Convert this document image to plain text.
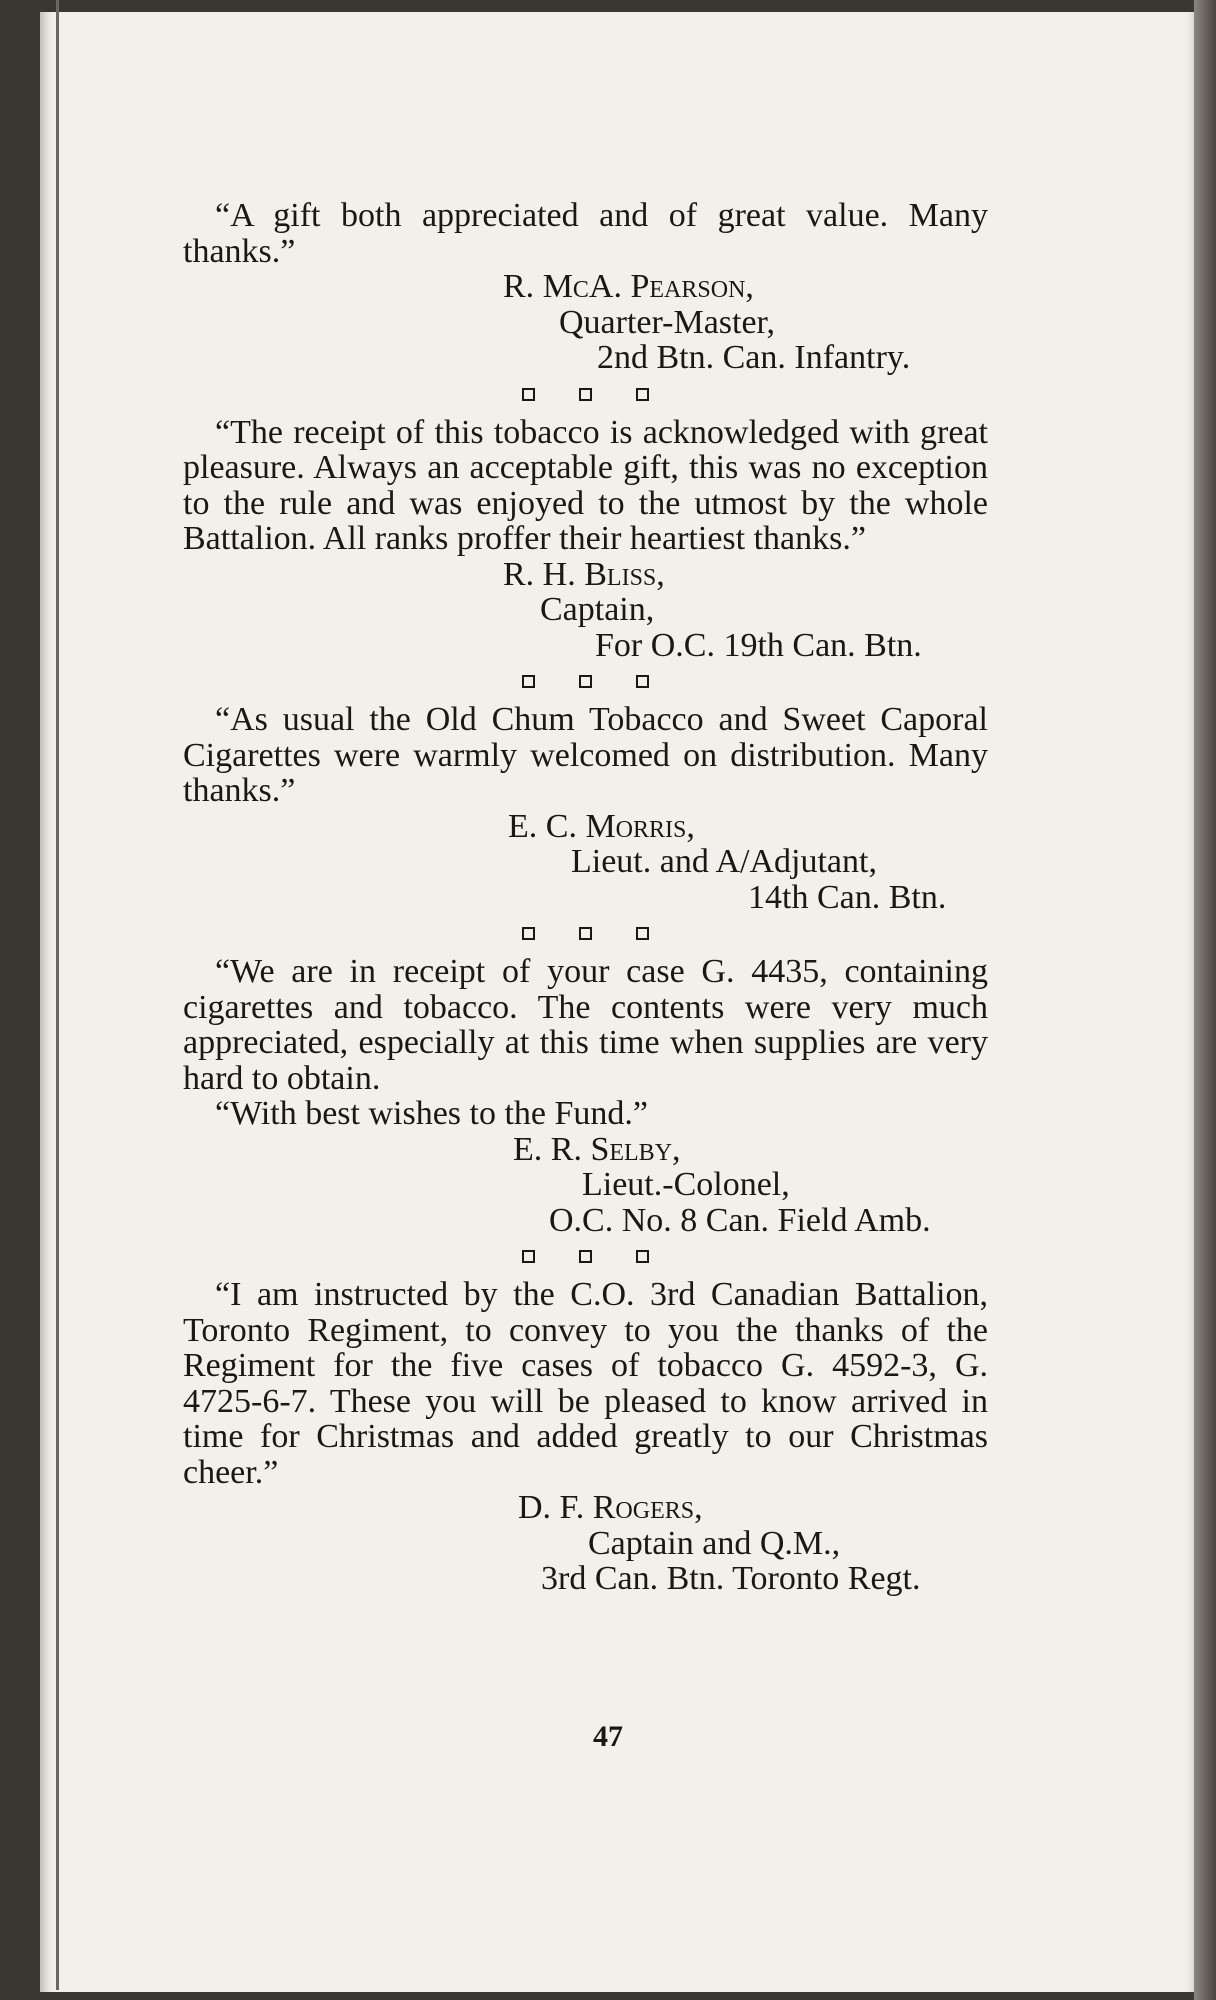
“A gift both appreciated and of great value. Many thanks.”

R. McA. Pearson,
Quarter-Master,
2nd Btn. Can. Infantry.

“The receipt of this tobacco is acknowledged with great pleasure. Always an acceptable gift, this was no exception to the rule and was enjoyed to the utmost by the whole Battalion. All ranks proffer their heartiest thanks.”

R. H. Bliss,
Captain,
For O.C. 19th Can. Btn.

“As usual the Old Chum Tobacco and Sweet Caporal Cigarettes were warmly welcomed on distribution. Many thanks.”

E. C. Morris,
Lieut. and A/Adjutant,
14th Can. Btn.

“We are in receipt of your case G. 4435, containing cigarettes and tobacco. The contents were very much appreciated, especially at this time when supplies are very hard to obtain.

“With best wishes to the Fund.”

E. R. Selby,
Lieut.-Colonel,
O.C. No. 8 Can. Field Amb.

“I am instructed by the C.O. 3rd Canadian Battalion, Toronto Regiment, to convey to you the thanks of the Regiment for the five cases of tobacco G. 4592-3, G. 4725-6-7. These you will be pleased to know arrived in time for Christmas and added greatly to our Christmas cheer.”

D. F. Rogers,
Captain and Q.M.,
3rd Can. Btn. Toronto Regt.
47
